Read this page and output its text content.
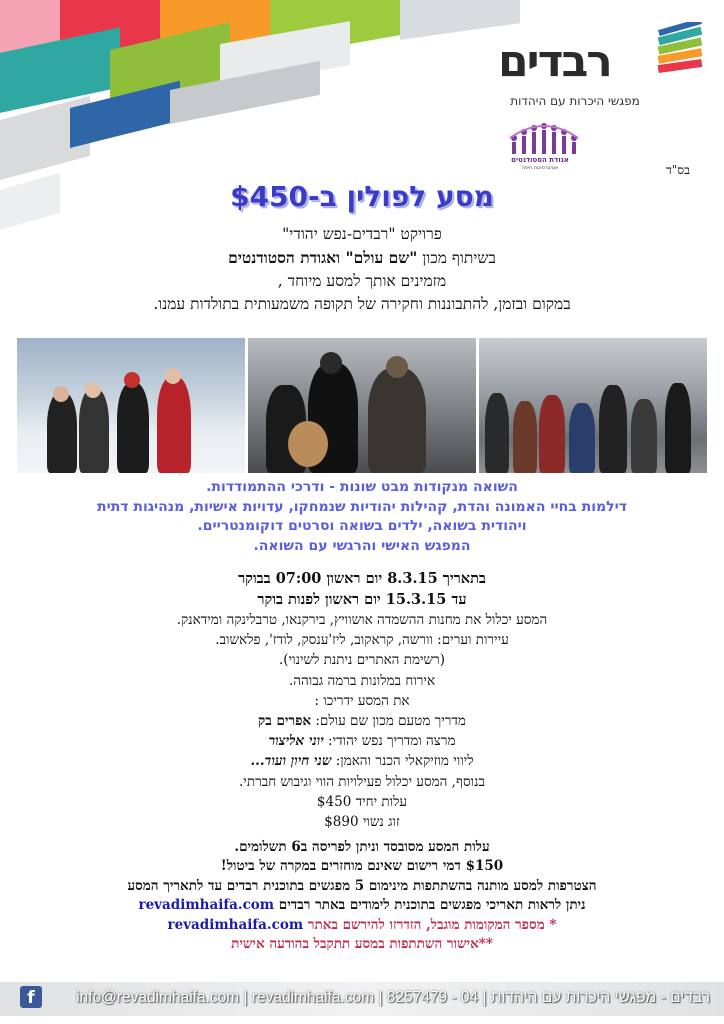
רבדים
מפגשי היכרות עם היהדות
אגודת הסטודנטים
אוניברסיטת חיפה	בס"ד
מסע לפולין ב-$450
פרויקט "רבדים-נפש יהודי"
בשיתוף מכון "שם עולם" ואגודת הסטודנטים
מזמינים אותך למסע מיוחד ,
במקום ובזמן, להתבוננות וחקירה של תקופה משמעותית בתולדות עמנו.
השואה מנקודות מבט שונות - ודרכי ההתמודדות.
דילמות בחיי האמונה והדת, קהילות יהודיות שנמחקו, עדויות אישיות, מנהיגות דתית
ויהודית בשואה, ילדים בשואה וסרטים דוקומנטריים.
המפגש האישי והרגשי עם השואה.
בתאריך 8.3.15 יום ראשון 07:00 בבוקר
עד 15.3.15 יום ראשון לפנות בוקר
המסע יכלול את מחנות ההשמדה אושוויץ, בירקנאו, טרבלינקה ומידאנק.
עיירות וערים: וורשה, קראקוב, ליז'ענסק, לודז', פלאשוב.
(רשימת האתרים ניתנת לשינוי).
אירוח במלונות ברמה גבוהה.
את המסע ידריכו :
מדריך מטעם מכון שם עולם: אפרים בק
מרצה ומדריך נפש יהודי: יוני אליצור
ליווי מוזיקאלי הכנר והאמן: שני חיון ועוד...
בנוסף, המסע יכלול פעילויות הווי וגיבוש חברתי.
עלות יחיד $450
זוג נשוי $890
עלות המסע מסובסד וניתן לפריסה ב6 תשלומים.
$150 דמי רישום שאינם מוחזרים במקרה של ביטול!
הצטרפות למסע מותנה בהשתתפות מינימום 5 מפגשים בתוכנית רבדים עד לתאריך המסע
ניתן לראות תאריכי מפגשים בתוכנית לימודים באתר רבדים revadimhaifa.com
* מספר המקומות מוגבל, הזדרזו להירשם באתר revadimhaifa.com
**אישור השתתפות במסע תתקבל בהודעה אישית
f	רבדים - מפגשי היכרות עם היהדות | 04 - 8257479 | info@revadimhaifa.com | revadimhaifa.com
